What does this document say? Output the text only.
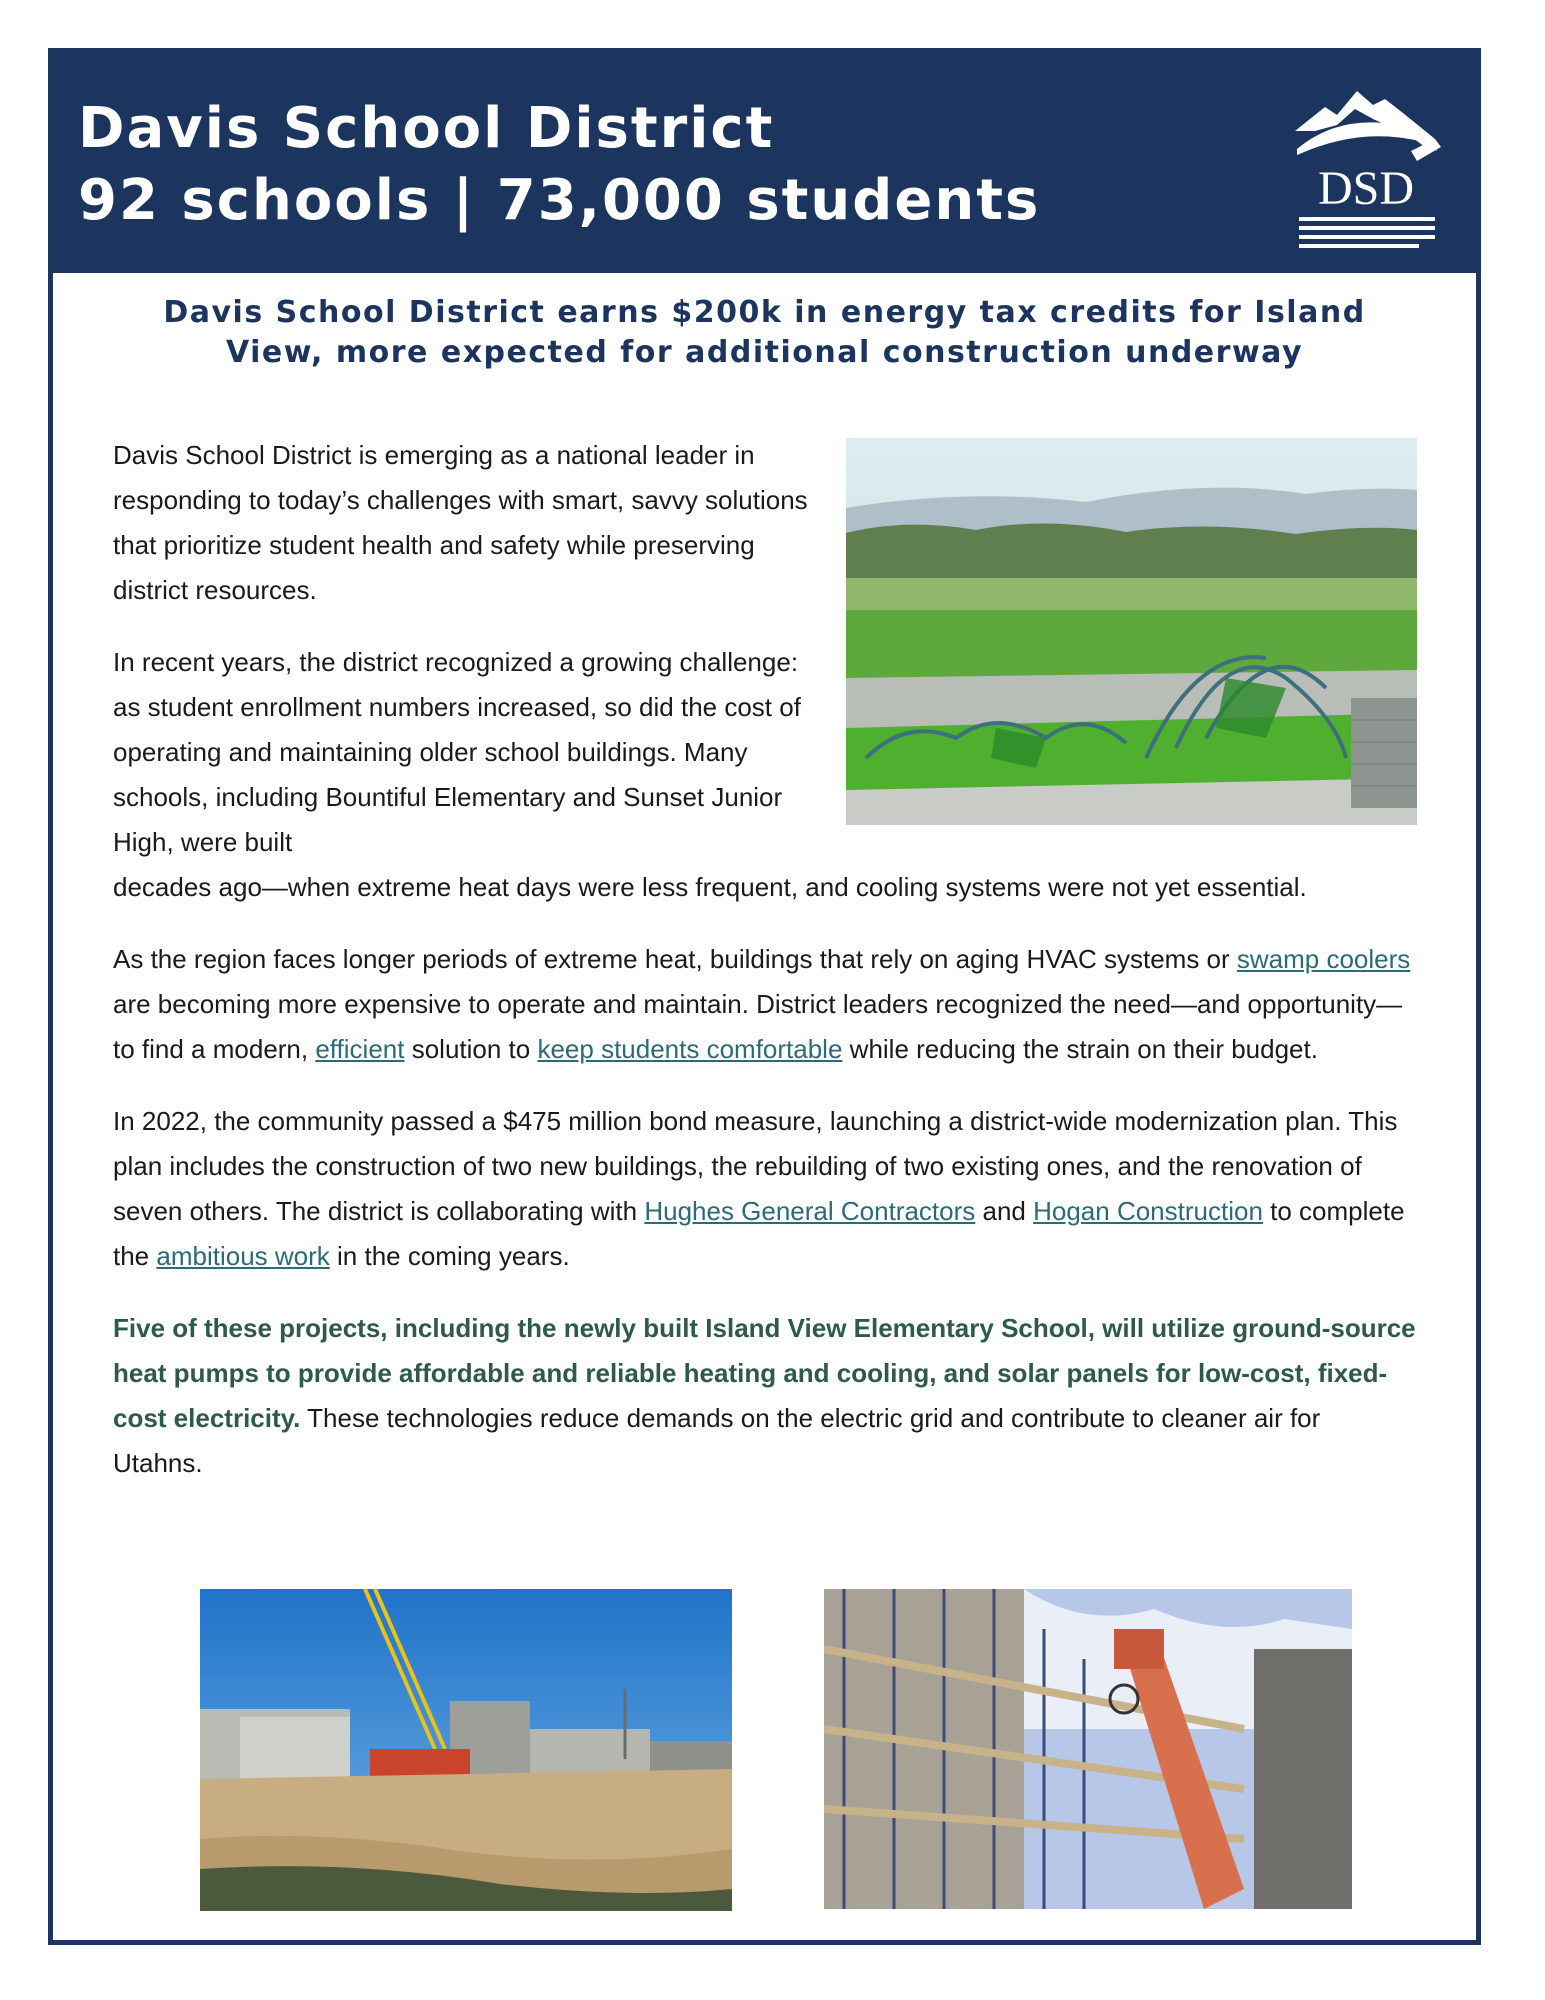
Davis School District
92 schools | 73,000 students	DSD
Davis School District earns $200k in energy tax credits for Island
View, more expected for additional construction underway

Davis School District is emerging as a national leader in responding to today’s challenges with smart, savvy solutions that prioritize student health and safety while preserving district resources.

In recent years, the district recognized a growing challenge: as student enrollment numbers increased, so did the cost of operating and maintaining older school buildings. Many schools, including Bountiful Elementary and Sunset Junior High, were built

decades ago—when extreme heat days were less frequent, and cooling systems were not yet essential.

As the region faces longer periods of extreme heat, buildings that rely on aging HVAC systems or swamp coolers are becoming more expensive to operate and maintain. District leaders recognized the need—and opportunity—to find a modern, efficient solution to keep students comfortable while reducing the strain on their budget.

In 2022, the community passed a $475 million bond measure, launching a district-wide modernization plan. This plan includes the construction of two new buildings, the rebuilding of two existing ones, and the renovation of seven others. The district is collaborating with Hughes General Contractors and Hogan Construction to complete the ambitious work in the coming years.

Five of these projects, including the newly built Island View Elementary School, will utilize ground-source heat pumps to provide affordable and reliable heating and cooling, and solar panels for low-cost, fixed-cost electricity. These technologies reduce demands on the electric grid and contribute to cleaner air for Utahns.
